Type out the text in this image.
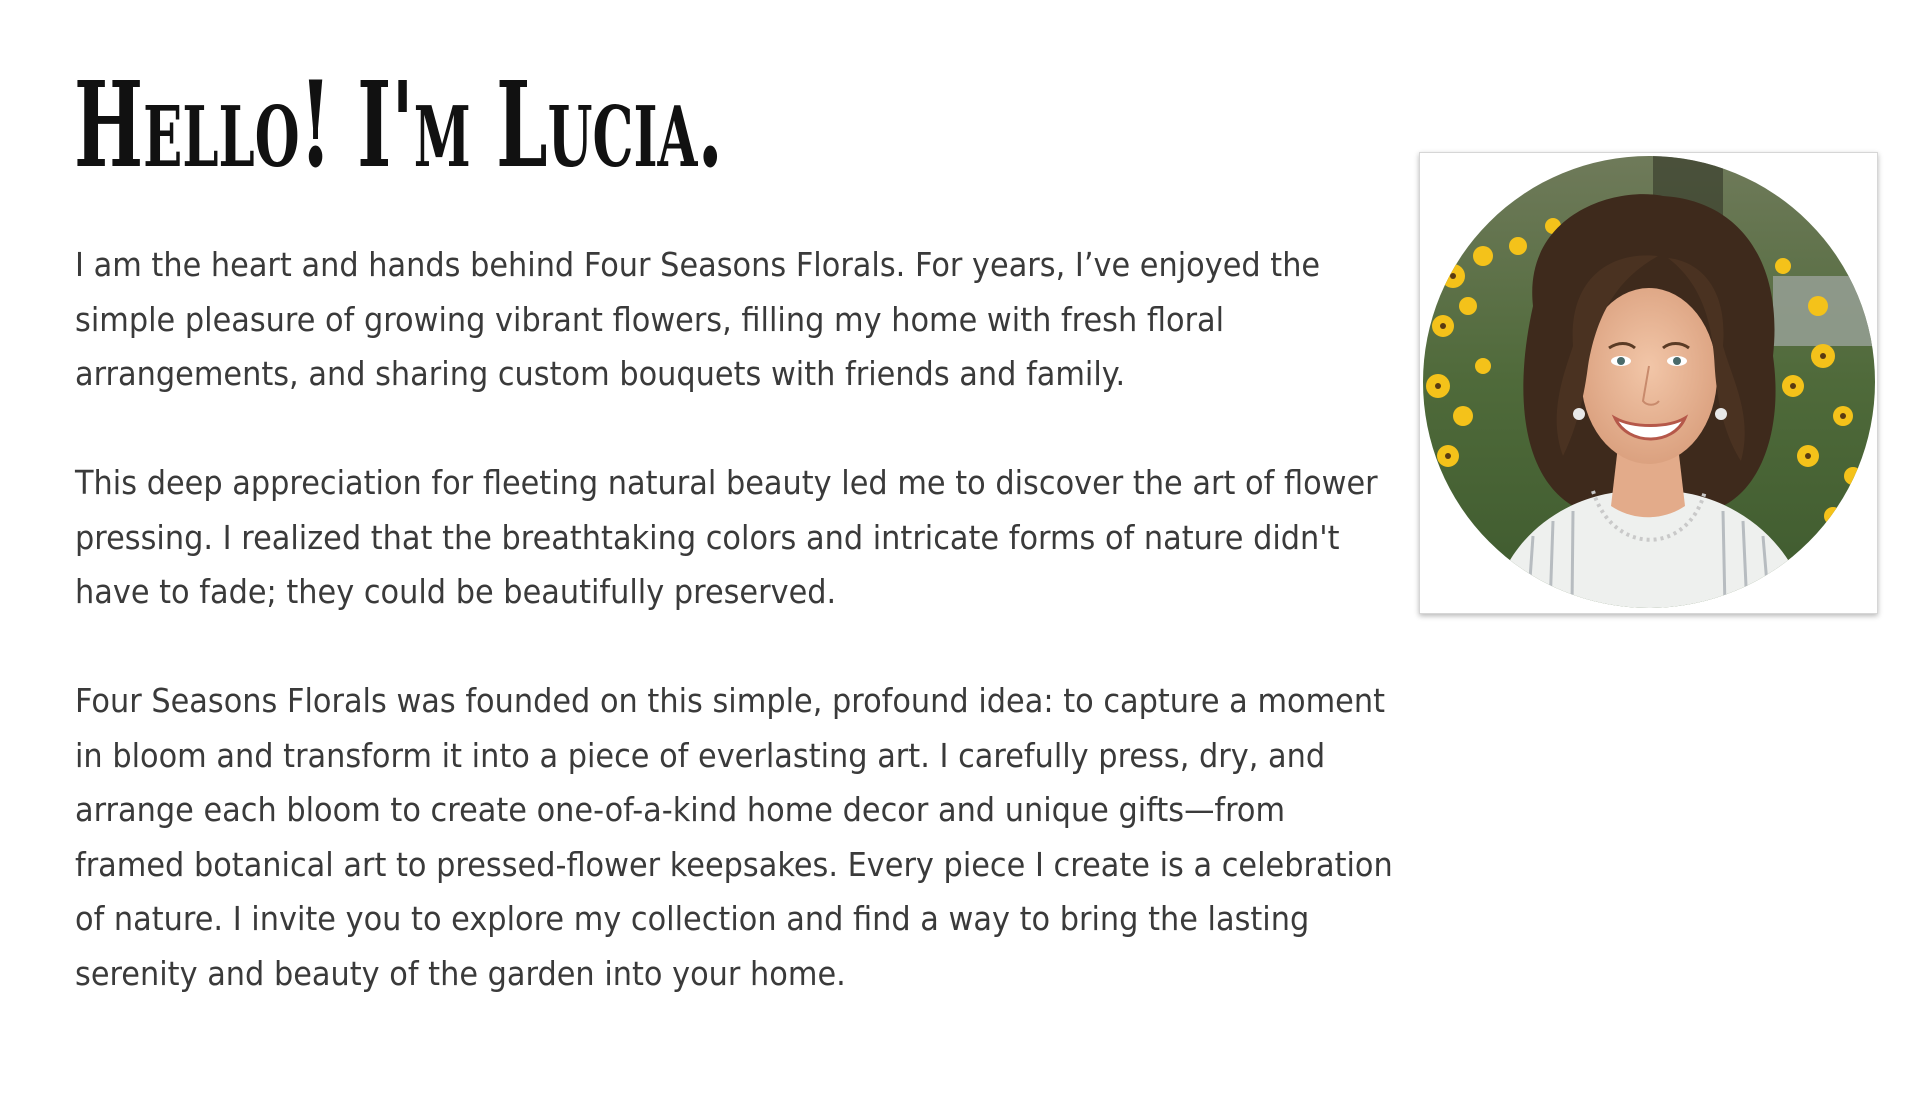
Hello! I'm Lucia.

I am the heart and hands behind Four Seasons Florals. For years, I’ve enjoyed the simple pleasure of growing vibrant flowers, filling my home with fresh floral arrangements, and sharing custom bouquets with friends and family.

This deep appreciation for fleeting natural beauty led me to discover the art of flower pressing. I realized that the breathtaking colors and intricate forms of nature didn't have to fade; they could be beautifully preserved.

Four Seasons Florals was founded on this simple, profound idea: to capture a moment in bloom and transform it into a piece of everlasting art. I carefully press, dry, and arrange each bloom to create one-of-a-kind home decor and unique gifts—from framed botanical art to pressed-flower keepsakes. Every piece I create is a celebration of nature. I invite you to explore my collection and find a way to bring the lasting serenity and beauty of the garden into your home.
